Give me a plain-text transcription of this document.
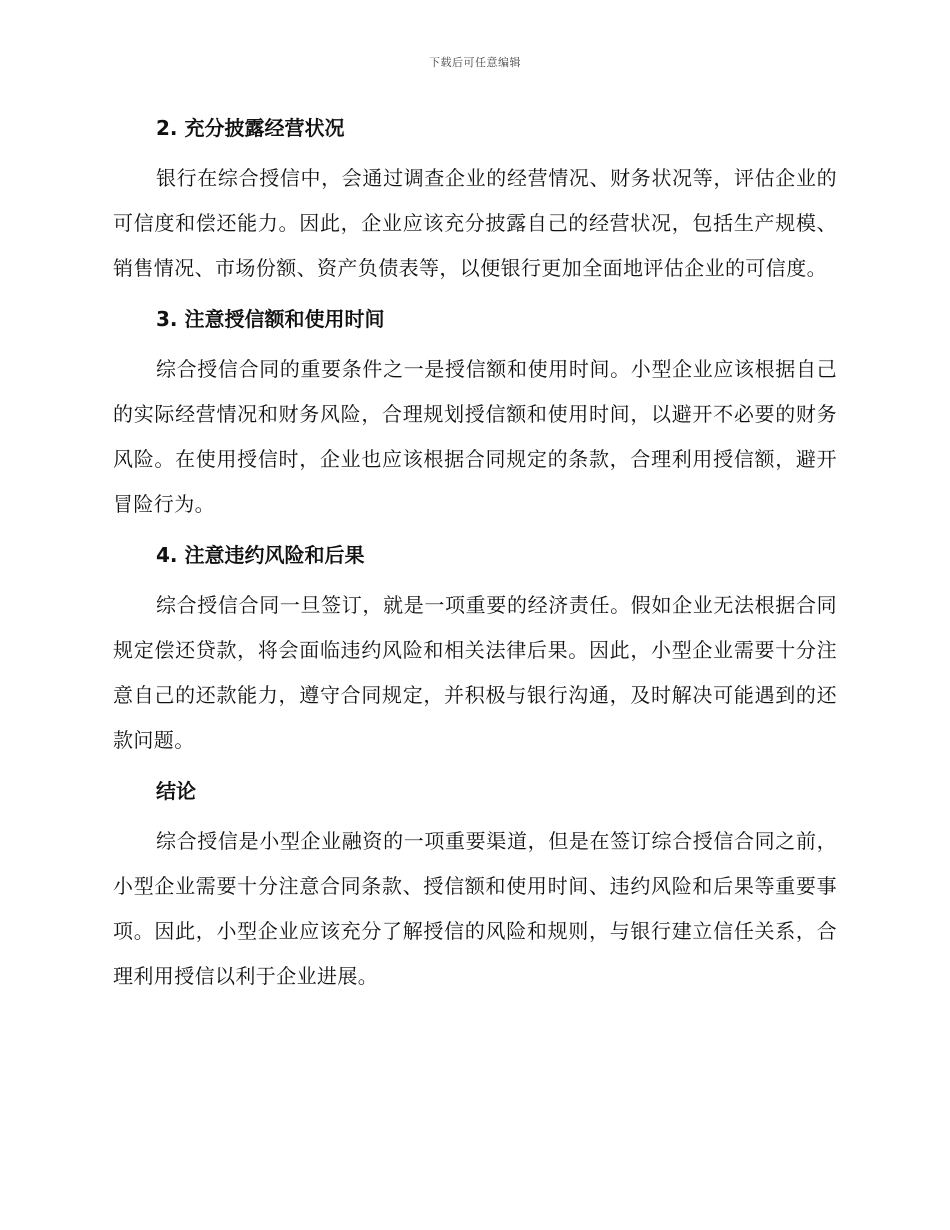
下载后可任意编辑
2. 充分披露经营状况

银行在综合授信中，会通过调查企业的经营情况、财务状况等，评估企业的可信度和偿还能力。因此，企业应该充分披露自己的经营状况，包括生产规模、销售情况、市场份额、资产负债表等，以便银行更加全面地评估企业的可信度。

3. 注意授信额和使用时间

综合授信合同的重要条件之一是授信额和使用时间。小型企业应该根据自己的实际经营情况和财务风险，合理规划授信额和使用时间，以避开不必要的财务风险。在使用授信时，企业也应该根据合同规定的条款，合理利用授信额，避开冒险行为。

4. 注意违约风险和后果

综合授信合同一旦签订，就是一项重要的经济责任。假如企业无法根据合同规定偿还贷款，将会面临违约风险和相关法律后果。因此，小型企业需要十分注意自己的还款能力，遵守合同规定，并积极与银行沟通，及时解决可能遇到的还款问题。

结论

综合授信是小型企业融资的一项重要渠道，但是在签订综合授信合同之前，小型企业需要十分注意合同条款、授信额和使用时间、违约风险和后果等重要事项。因此，小型企业应该充分了解授信的风险和规则，与银行建立信任关系，合理利用授信以利于企业进展。
